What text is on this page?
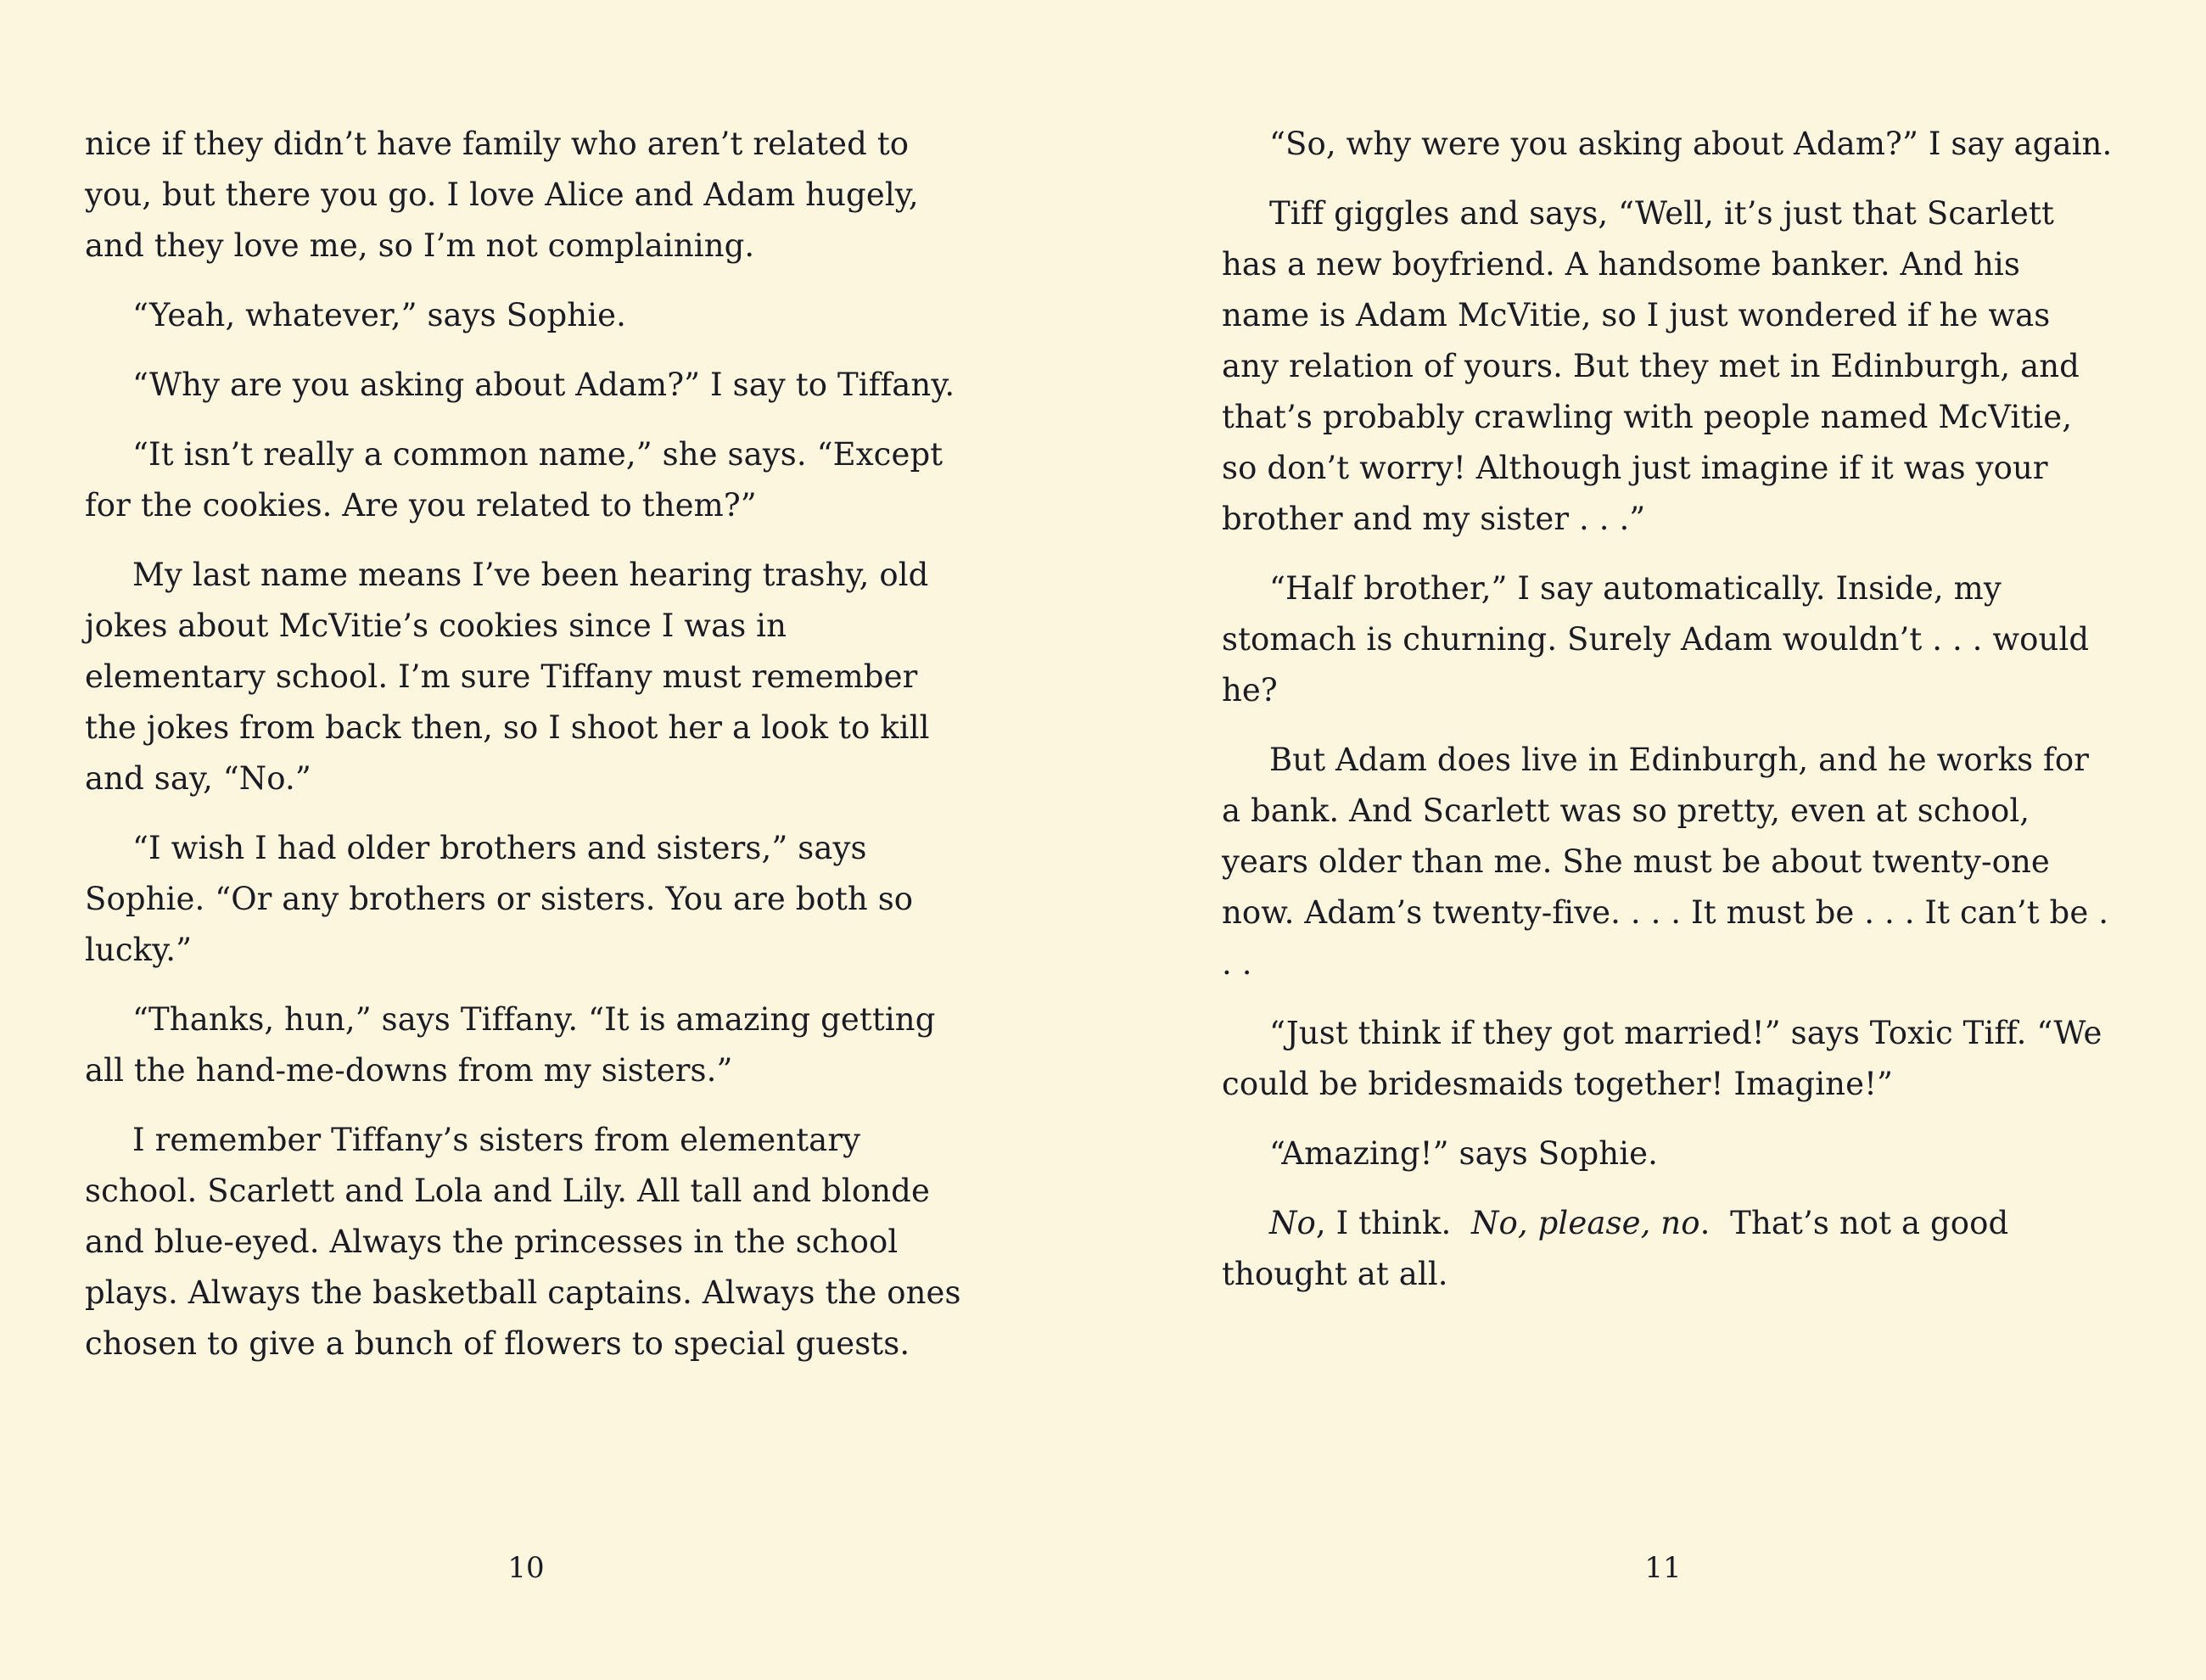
nice if they didn’t have family who aren’t related to you, but there you go. I love Alice and Adam hugely, and they love me, so I’m not complaining.

“Yeah, whatever,” says Sophie.

“Why are you asking about Adam?” I say to Tiffany.

“It isn’t really a common name,” she says. “Except for the cookies. Are you related to them?”

My last name means I’ve been hearing trashy, old jokes about McVitie’s cookies since I was in elementary school. I’m sure Tiffany must remember the jokes from back then, so I shoot her a look to kill and say, “No.”

“I wish I had older brothers and sisters,” says Sophie. “Or any brothers or sisters. You are both so lucky.”

“Thanks, hun,” says Tiffany. “It is amazing getting all the hand-me-downs from my sisters.”

I remember Tiffany’s sisters from elementary school. Scarlett and Lola and Lily. All tall and blonde and blue-eyed. Always the princesses in the school plays. Always the basketball captains. Always the ones chosen to give a bunch of flowers to special guests.

10

“So, why were you asking about Adam?” I say again.

Tiff giggles and says, “Well, it’s just that Scarlett has a new boyfriend. A handsome banker. And his name is Adam McVitie, so I just wondered if he was any relation of yours. But they met in Edinburgh, and that’s probably crawling with people named McVitie, so don’t worry! Although just imagine if it was your brother and my sister . . .”

“Half brother,” I say automatically. Inside, my stomach is churning. Surely Adam wouldn’t . . . would he?

But Adam does live in Edinburgh, and he works for a bank. And Scarlett was so pretty, even at school, years older than me. She must be about twenty-one now. Adam’s twenty-five. . . . It must be . . . It can’t be . . .

“Just think if they got married!” says Toxic Tiff. “We could be bridesmaids together! Imagine!”

“Amazing!” says Sophie.

No, I think.  No, please, no.  That’s not a good thought at all.

11
